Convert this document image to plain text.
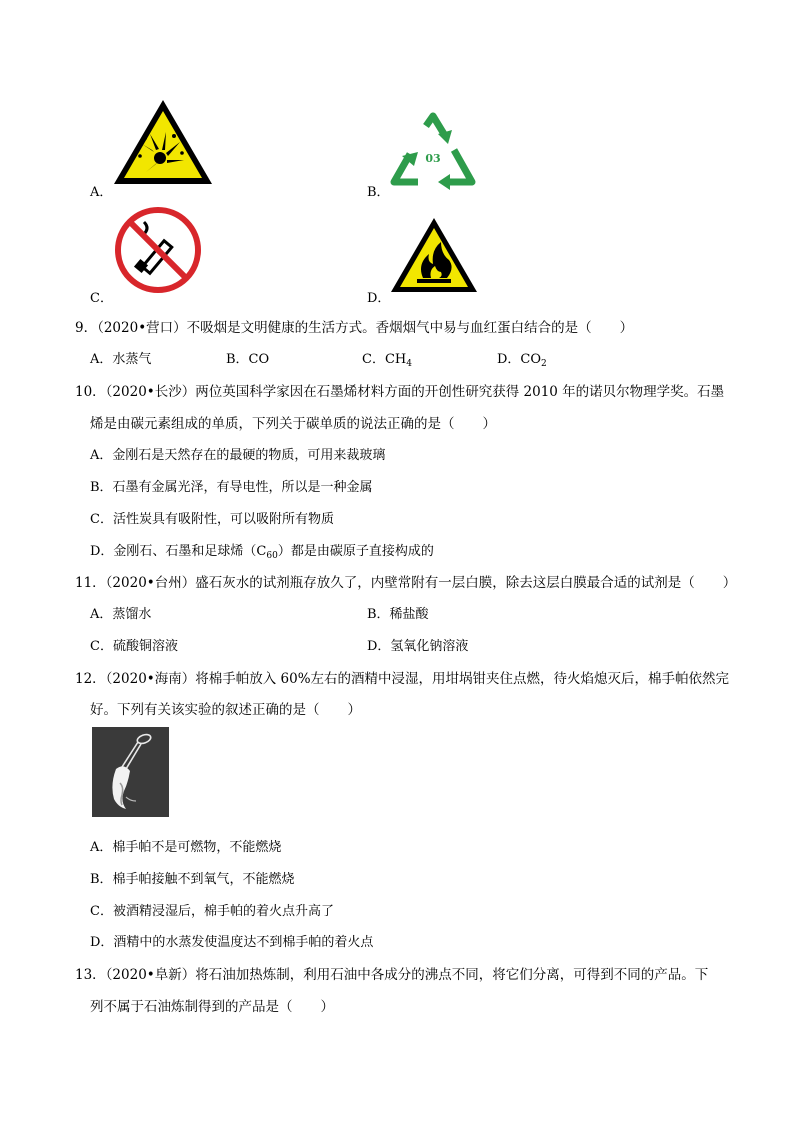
A．	B．
03
C．	D．
9．（2020•营口）不吸烟是文明健康的生活方式。香烟烟气中易与血红蛋白结合的是（ ）
A．水蒸气	B．CO	C．$CH_4$	D．$CO_2$
10．（2020•长沙）两位英国科学家因在石墨烯材料方面的开创性研究获得 2010 年的诺贝尔物理学奖。石墨
烯是由碳元素组成的单质，下列关于碳单质的说法正确的是（ ）
A．金刚石是天然存在的最硬的物质，可用来裁玻璃
B．石墨有金属光泽，有导电性，所以是一种金属
C．活性炭具有吸附性，可以吸附所有物质
D．金刚石、石墨和足球烯$(C_{60})$都是由碳原子直接构成的
11．（2020•台州）盛石灰水的试剂瓶存放久了，内壁常附有一层白膜，除去这层白膜最合适的试剂是（ ）
A．蒸馏水	B．稀盐酸
C．硫酸铜溶液	D．氢氧化钠溶液
12．（2020•海南）将棉手帕放入 60%左右的酒精中浸湿，用坩埚钳夹住点燃，待火焰熄灭后，棉手帕依然完
好。下列有关该实验的叙述正确的是（ ）
A．棉手帕不是可燃物，不能燃烧
B．棉手帕接触不到氧气，不能燃烧
C．被酒精浸湿后，棉手帕的着火点升高了
D．酒精中的水蒸发使温度达不到棉手帕的着火点
13．（2020•阜新）将石油加热炼制，利用石油中各成分的沸点不同，将它们分离，可得到不同的产品。下
列不属于石油炼制得到的产品是（ ）
